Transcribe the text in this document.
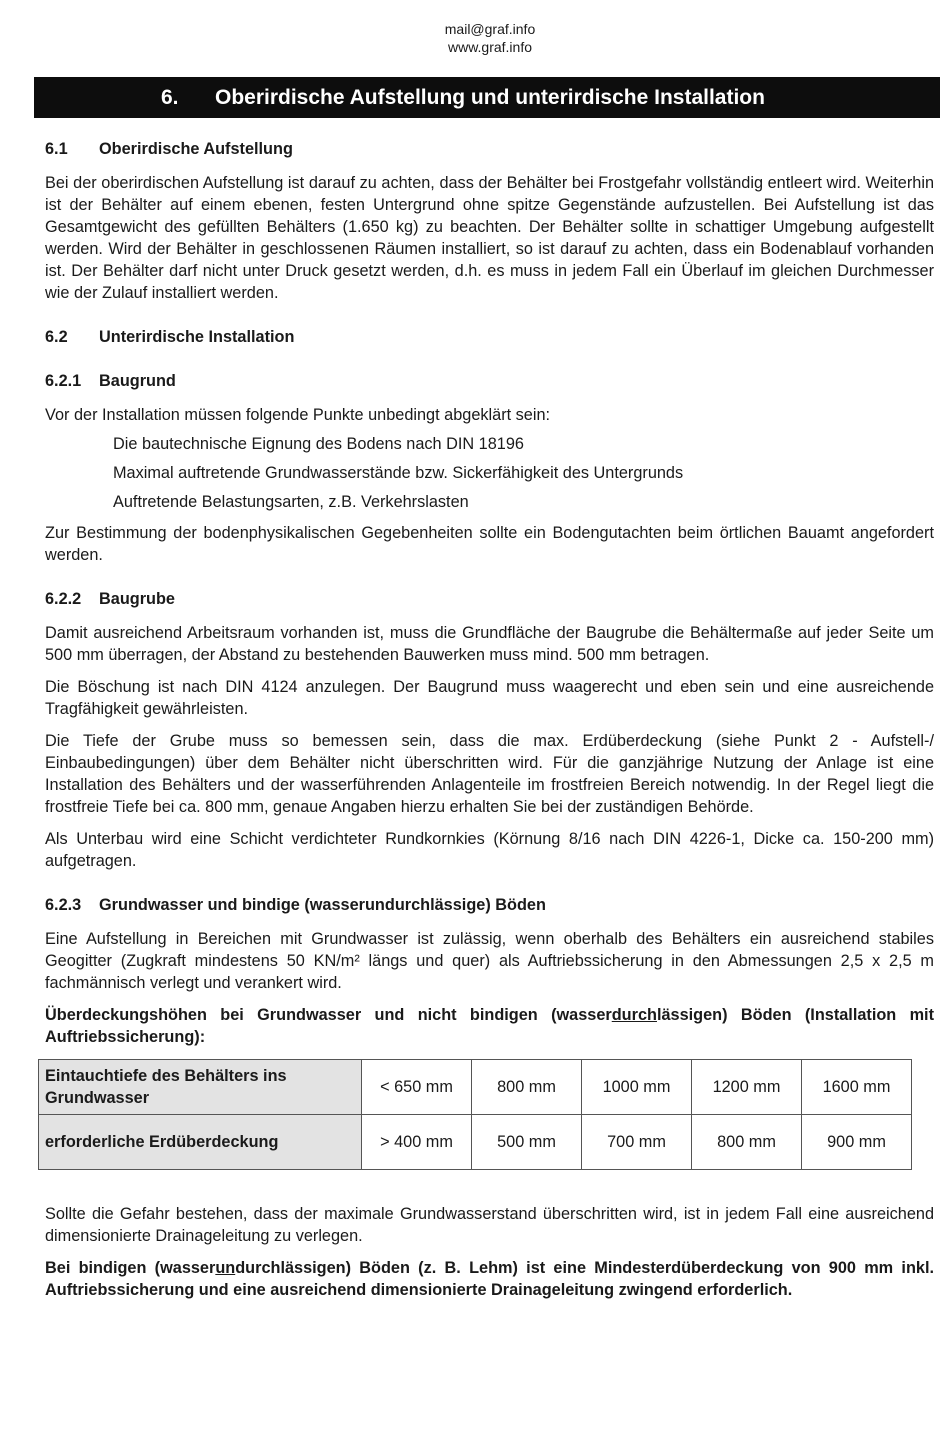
mail@graf.info
www.graf.info
6. Oberirdische Aufstellung und unterirdische Installation
6.1 Oberirdische Aufstellung

Bei der oberirdischen Aufstellung ist darauf zu achten, dass der Behälter bei Frostgefahr vollständig entleert wird. Weiterhin ist der Behälter auf einem ebenen, festen Untergrund ohne spitze Gegenstände aufzustellen. Bei Aufstellung ist das Gesamtgewicht des gefüllten Behälters (1.650 kg) zu beachten. Der Behälter sollte in schattiger Umgebung aufgestellt werden. Wird der Behälter in geschlossenen Räumen installiert, so ist darauf zu achten, dass ein Bodenablauf vorhanden ist. Der Behälter darf nicht unter Druck gesetzt werden, d.h. es muss in jedem Fall ein Überlauf im gleichen Durchmesser wie der Zulauf installiert werden.

6.2 Unterirdische Installation
6.2.1 Baugrund

Vor der Installation müssen folgende Punkte unbedingt abgeklärt sein:

Die bautechnische Eignung des Bodens nach DIN 18196
Maximal auftretende Grundwasserstände bzw. Sickerfähigkeit des Untergrunds
Auftretende Belastungsarten, z.B. Verkehrslasten

Zur Bestimmung der bodenphysikalischen Gegebenheiten sollte ein Bodengutachten beim örtlichen Bauamt angefordert werden.

6.2.2 Baugrube

Damit ausreichend Arbeitsraum vorhanden ist, muss die Grundfläche der Baugrube die Behältermaße auf jeder Seite um 500 mm überragen, der Abstand zu bestehenden Bauwerken muss mind. 500 mm betragen.

Die Böschung ist nach DIN 4124 anzulegen. Der Baugrund muss waagerecht und eben sein und eine ausreichende Tragfähigkeit gewährleisten.

Die Tiefe der Grube muss so bemessen sein, dass die max. Erdüberdeckung (siehe Punkt 2 - Aufstell-/ Einbaubedingungen) über dem Behälter nicht überschritten wird. Für die ganzjährige Nutzung der Anlage ist eine Installation des Behälters und der wasserführenden Anlagenteile im frostfreien Bereich notwendig. In der Regel liegt die frostfreie Tiefe bei ca. 800 mm, genaue Angaben hierzu erhalten Sie bei der zuständigen Behörde.

Als Unterbau wird eine Schicht verdichteter Rundkornkies (Körnung 8/16 nach DIN 4226-1, Dicke ca. 150-200 mm) aufgetragen.

6.2.3 Grundwasser und bindige (wasserundurchlässige) Böden

Eine Aufstellung in Bereichen mit Grundwasser ist zulässig, wenn oberhalb des Behälters ein ausreichend stabiles Geogitter (Zugkraft mindestens 50 KN/m² längs und quer) als Auftriebssicherung in den Abmessungen 2,5 x 2,5 m fachmännisch verlegt und verankert wird.

Überdeckungshöhen bei Grundwasser und nicht bindigen (wasserdurchlässigen) Böden (Installation mit Auftriebssicherung):

Eintauchtiefe des Behälters ins Grundwasser	< 650 mm	800 mm	1000 mm	1200 mm	1600 mm
erforderliche Erdüberdeckung	> 400 mm	500 mm	700 mm	800 mm	900 mm

Sollte die Gefahr bestehen, dass der maximale Grundwasserstand überschritten wird, ist in jedem Fall eine ausreichend dimensionierte Drainageleitung zu verlegen.

Bei bindigen (wasserundurchlässigen) Böden (z. B. Lehm) ist eine Mindesterdüberdeckung von 900 mm inkl. Auftriebssicherung und eine ausreichend dimensionierte Drainageleitung zwingend erforderlich.
